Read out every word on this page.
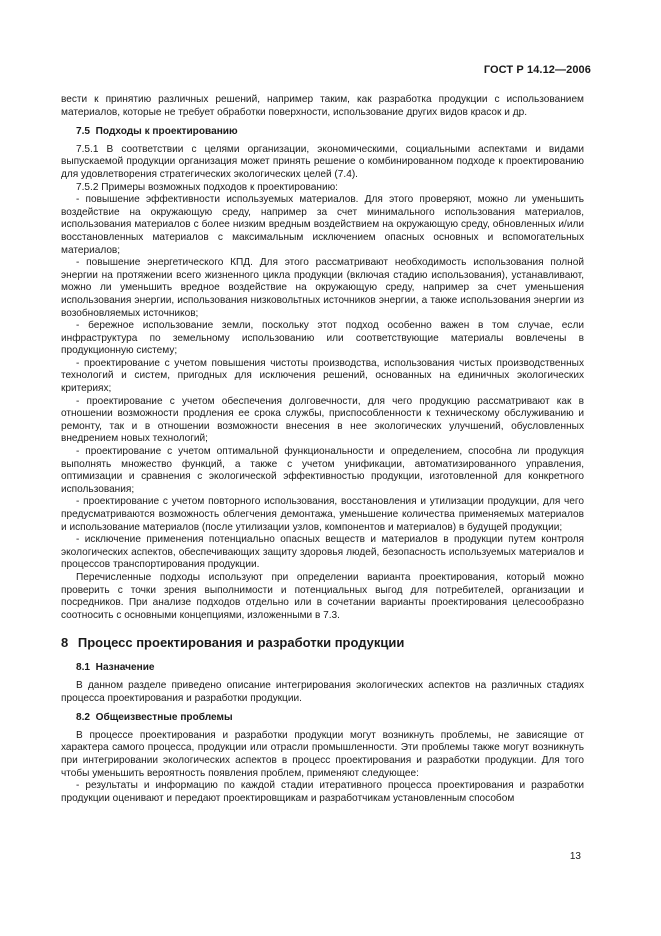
ГОСТ Р 14.12—2006

вести к принятию различных решений, например таким, как разработка продукции с использованием материалов, которые не требует обработки поверхности, использование других видов красок и др.

7.5 Подходы к проектированию

7.5.1 В соответствии с целями организации, экономическими, социальными аспектами и видами выпускаемой продукции организация может принять решение о комбинированном подходе к проектированию для удовлетворения стратегических экологических целей (7.4).

7.5.2 Примеры возможных подходов к проектированию:

- повышение эффективности используемых материалов. Для этого проверяют, можно ли уменьшить воздействие на окружающую среду, например за счет минимального использования материалов, использования материалов с более низким вредным воздействием на окружающую среду, обновленных и/или восстановленных материалов с максимальным исключением опасных основных и вспомогательных материалов;

- повышение энергетического КПД. Для этого рассматривают необходимость использования полной энергии на протяжении всего жизненного цикла продукции (включая стадию использования), устанавливают, можно ли уменьшить вредное воздействие на окружающую среду, например за счет уменьшения использования энергии, использования низковольтных источников энергии, а также использования энергии из возобновляемых источников;

- бережное использование земли, поскольку этот подход особенно важен в том случае, если инфраструктура по земельному использованию или соответствующие материалы вовлечены в продукционную систему;

- проектирование с учетом повышения чистоты производства, использования чистых производственных технологий и систем, пригодных для исключения решений, основанных на единичных экологических критериях;

- проектирование с учетом обеспечения долговечности, для чего продукцию рассматривают как в отношении возможности продления ее срока службы, приспособленности к техническому обслуживанию и ремонту, так и в отношении возможности внесения в нее экологических улучшений, обусловленных внедрением новых технологий;

- проектирование с учетом оптимальной функциональности и определением, способна ли продукция выполнять множество функций, а также с учетом унификации, автоматизированного управления, оптимизации и сравнения с экологической эффективностью продукции, изготовленной для конкретного использования;

- проектирование с учетом повторного использования, восстановления и утилизации продукции, для чего предусматриваются возможность облегчения демонтажа, уменьшение количества применяемых материалов и использование материалов (после утилизации узлов, компонентов и материалов) в будущей продукции;

- исключение применения потенциально опасных веществ и материалов в продукции путем контроля экологических аспектов, обеспечивающих защиту здоровья людей, безопасность используемых материалов и процессов транспортирования продукции.

Перечисленные подходы используют при определении варианта проектирования, который можно проверить с точки зрения выполнимости и потенциальных выгод для потребителей, организации и посредников. При анализе подходов отдельно или в сочетании варианты проектирования целесообразно соотносить с основными концепциями, изложенными в 7.3.

8 Процесс проектирования и разработки продукции
8.1 Назначение

В данном разделе приведено описание интегрирования экологических аспектов на различных стадиях процесса проектирования и разработки продукции.

8.2 Общеизвестные проблемы

В процессе проектирования и разработки продукции могут возникнуть проблемы, не зависящие от характера самого процесса, продукции или отрасли промышленности. Эти проблемы также могут возникнуть при интегрировании экологических аспектов в процесс проектирования и разработки продукции. Для того чтобы уменьшить вероятность появления проблем, применяют следующее:

- результаты и информацию по каждой стадии итеративного процесса проектирования и разработки продукции оценивают и передают проектировщикам и разработчикам установленным способом

13
